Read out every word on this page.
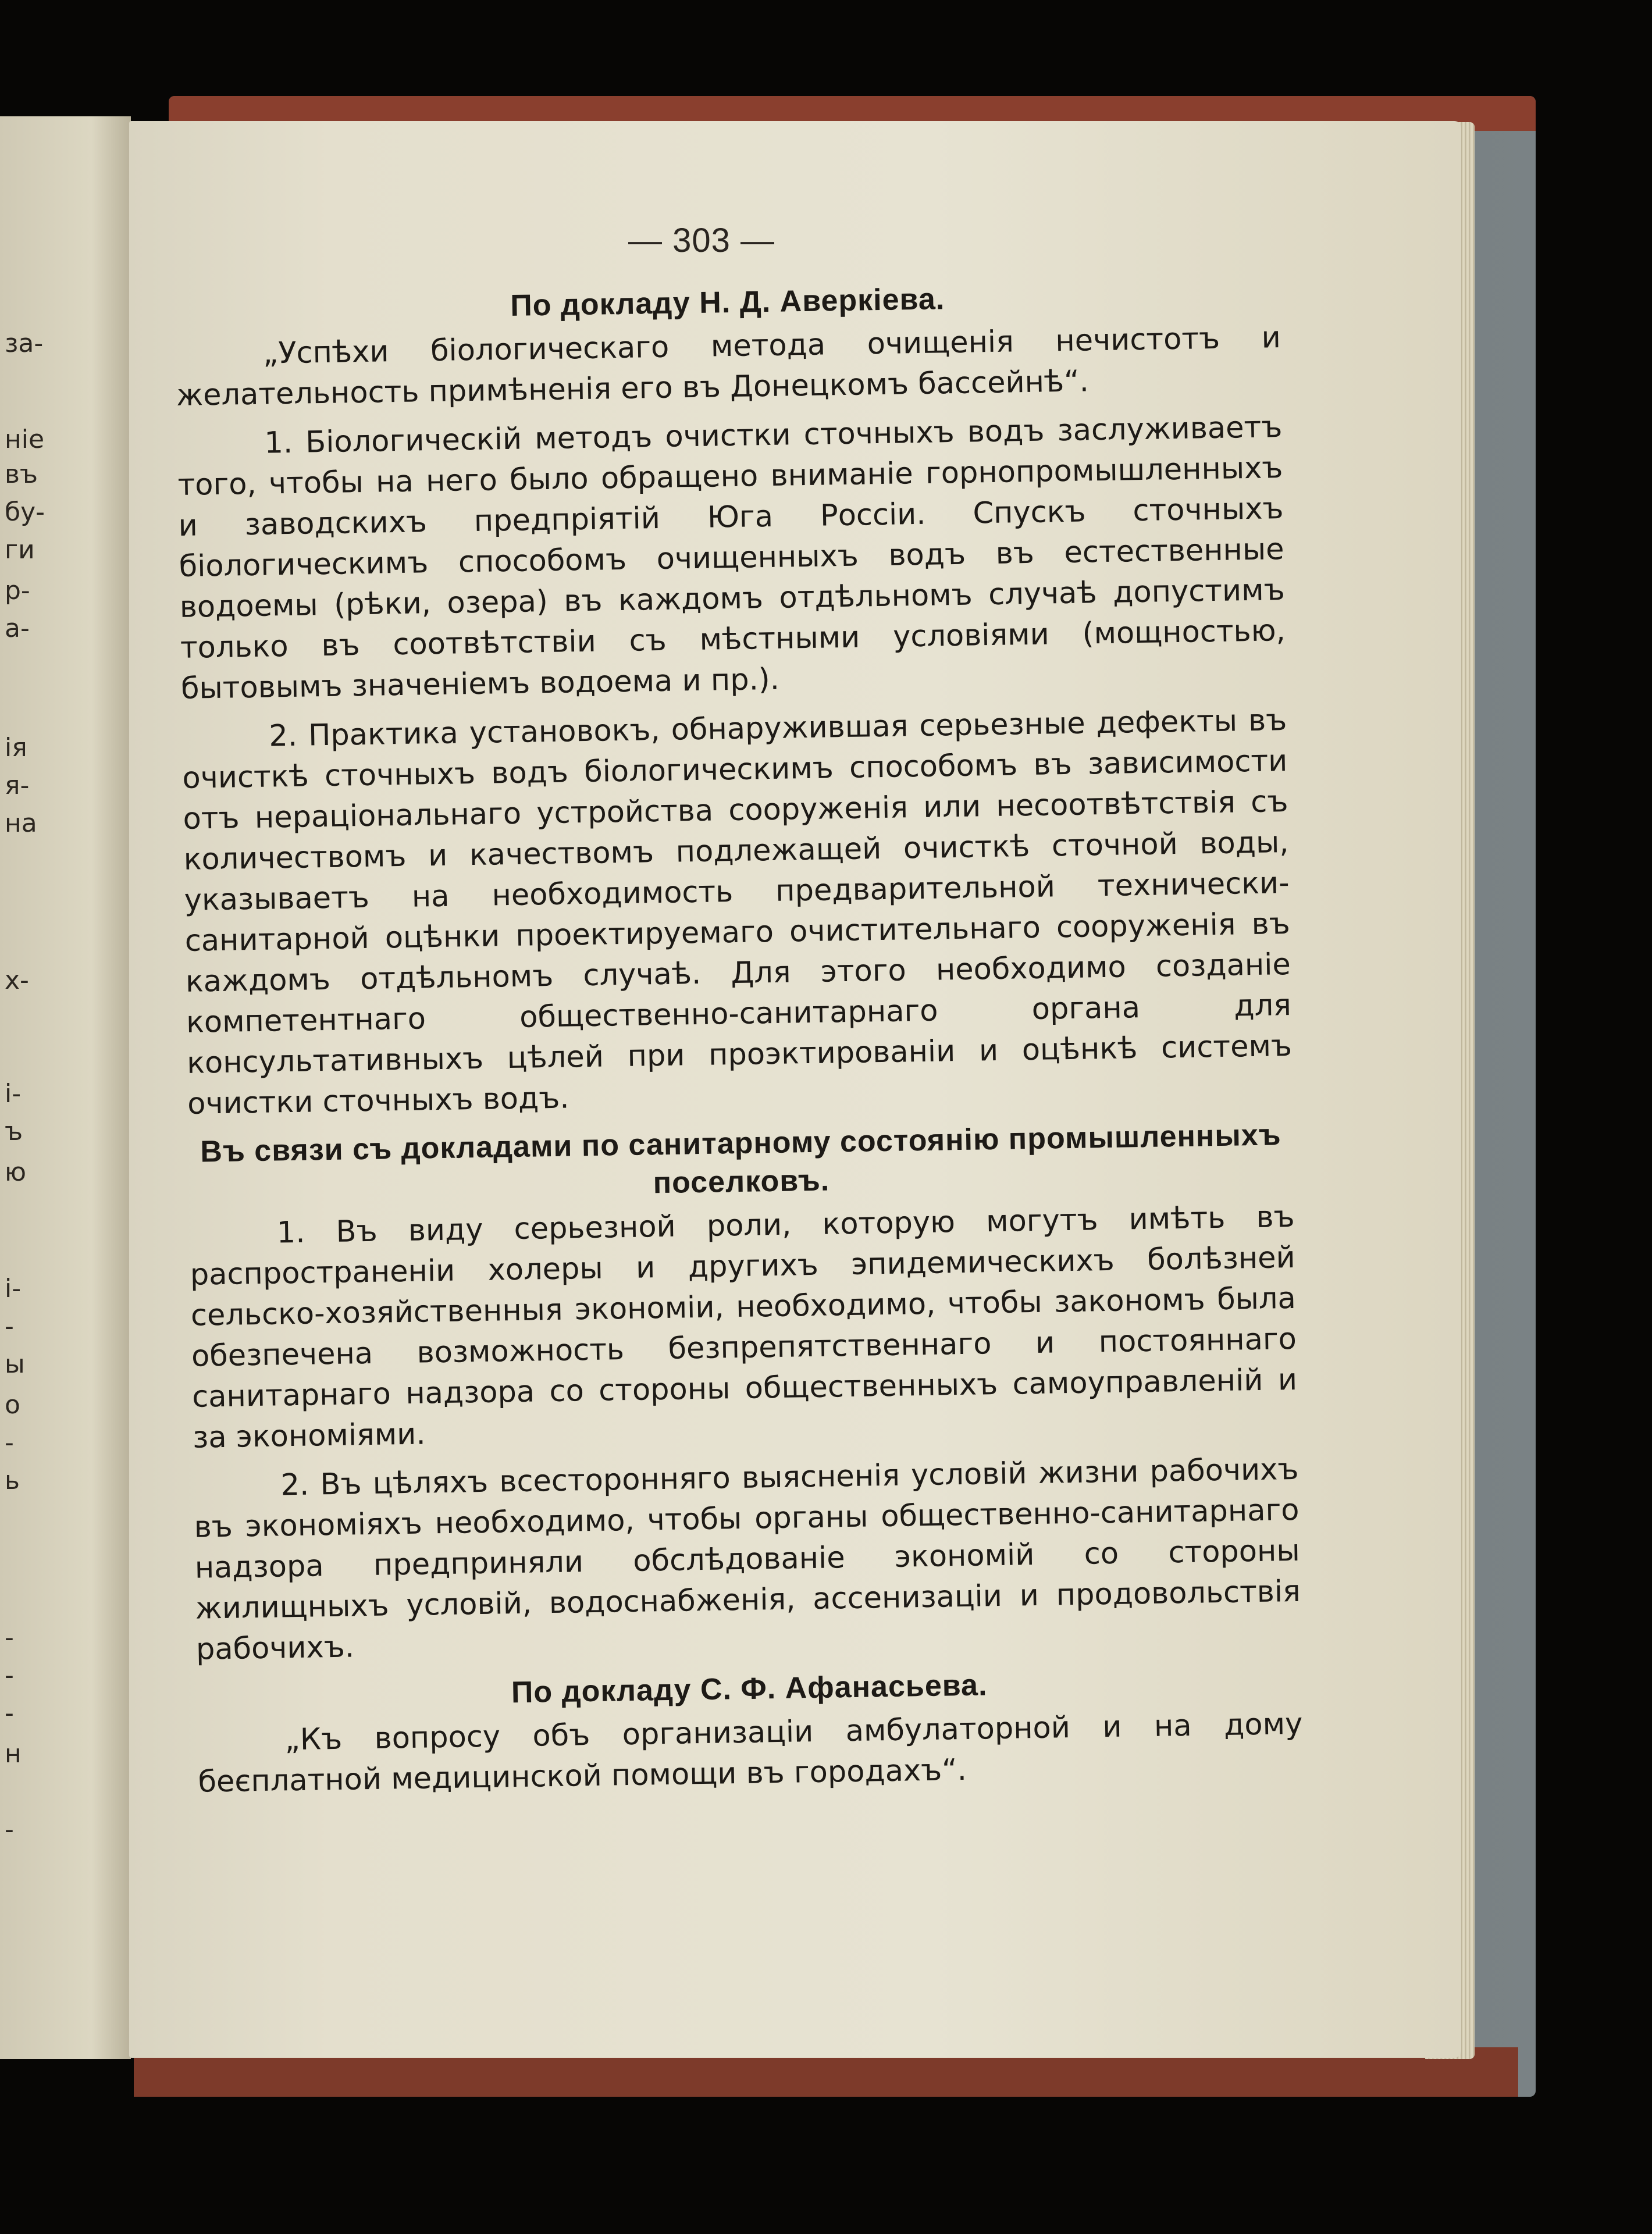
за-
ніе
въ
бу-
ги
р-
а-
ія
я-
на
х-
і-
ъ
ю
і-
-
ы
о
-
ь
-
-
-
н
-
— 303 —
По докладу Н. Д. Аверкіева.

„Успѣхи біологическаго метода очищенія нечистотъ и желательность примѣненія его въ Донецкомъ бассейнѣ“.

1. Біологическій методъ очистки сточныхъ водъ заслуживаетъ того, чтобы на него было обращено вниманіе горнопромышленныхъ и заводскихъ предпріятій Юга Россіи. Спускъ сточныхъ біологическимъ способомъ очищенныхъ водъ въ естественные водоемы (рѣки, озера) въ каждомъ отдѣльномъ случаѣ допустимъ только въ соотвѣтствіи съ мѣстными условіями (мощностью, бытовымъ значеніемъ водоема и пр.).

2. Практика установокъ, обнаружившая серьезные дефекты въ очисткѣ сточныхъ водъ біологическимъ способомъ въ зависимости отъ нераціональнаго устройства сооруженія или несоотвѣтствія съ количествомъ и качествомъ подлежащей очисткѣ сточной воды, указываетъ на необходимость предварительной технически-санитарной оцѣнки проектируемаго очистительнаго сооруженія въ каждомъ отдѣльномъ случаѣ. Для этого необходимо созданіе компетентнаго общественно-санитарнаго органа для консультативныхъ цѣлей при проэктированіи и оцѣнкѣ системъ очистки сточныхъ водъ.

Въ связи съ докладами по санитарному состоянію промышленныхъ
поселковъ.

1. Въ виду серьезной роли, которую могутъ имѣть въ распространеніи холеры и другихъ эпидемическихъ болѣзней сельско-хозяйственныя экономіи, необходимо, чтобы закономъ была обезпечена возможность безпрепятственнаго и постояннаго санитарнаго надзора со стороны общественныхъ самоуправленій и за экономіями.

2. Въ цѣляхъ всесторонняго выясненія условій жизни рабочихъ въ экономіяхъ необходимо, чтобы органы общественно-санитарнаго надзора предприняли обслѣдованіе экономій со стороны жилищныхъ условій, водоснабженія, ассенизаціи и продовольствія рабочихъ.

По докладу С. Ф. Афанасьева.

„Къ вопросу объ организаціи амбулаторной и на дому беєплатной медицинской помощи въ городахъ“.
